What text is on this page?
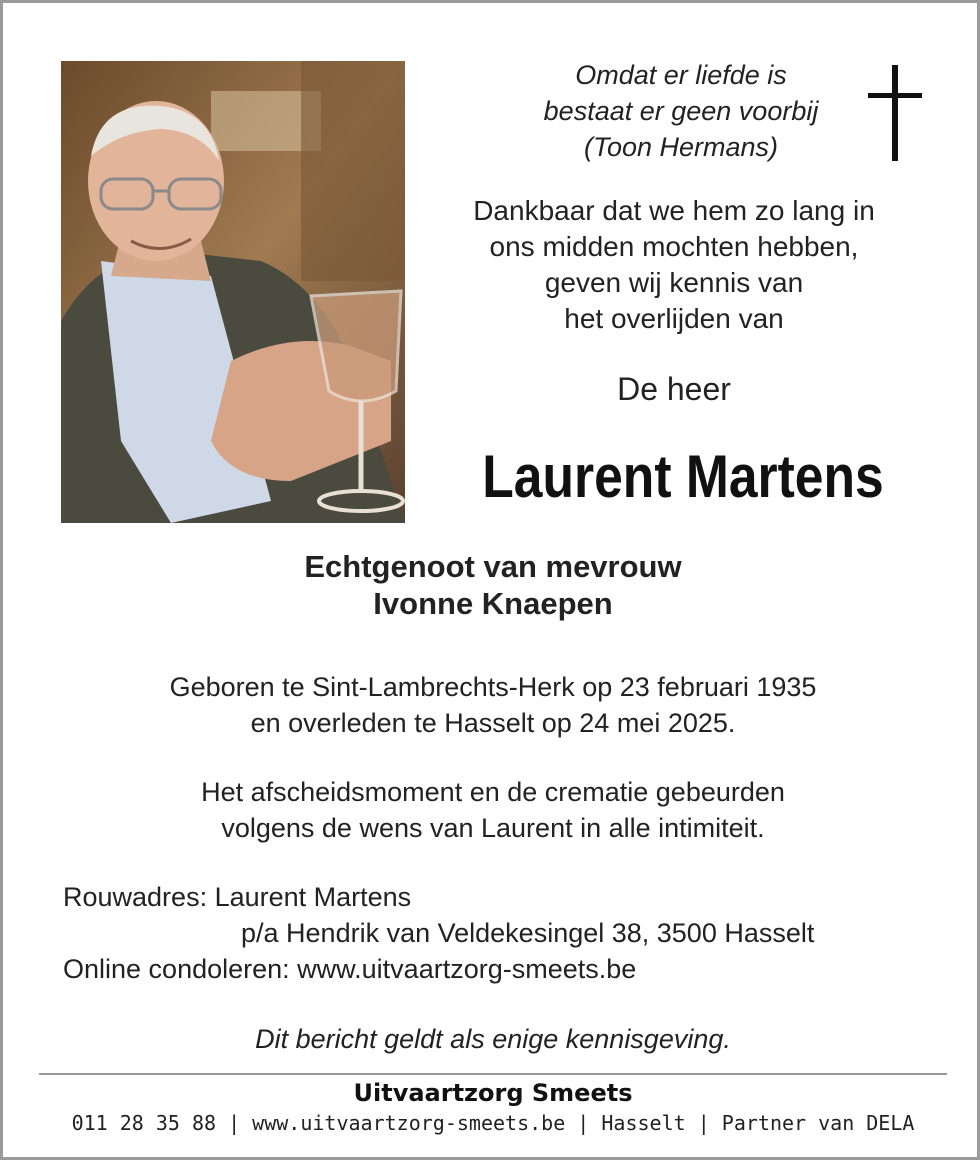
Omdat er liefde is
bestaat er geen voorbij
(Toon Hermans)
Dankbaar dat we hem zo lang in
ons midden mochten hebben,
geven wij kennis van
het overlijden van
De heer
Laurent Martens
Echtgenoot van mevrouw
Ivonne Knaepen
Geboren te Sint-Lambrechts-Herk op 23 februari 1935
en overleden te Hasselt op 24 mei 2025.
Het afscheidsmoment en de crematie gebeurden
volgens de wens van Laurent in alle intimiteit.
Rouwadres: Laurent Martens
p/a Hendrik van Veldekesingel 38, 3500 Hasselt
Online condoleren: www.uitvaartzorg-smeets.be
Dit bericht geldt als enige kennisgeving.
Uitvaartzorg Smeets
011 28 35 88 | www.uitvaartzorg-smeets.be | Hasselt | Partner van DELA
